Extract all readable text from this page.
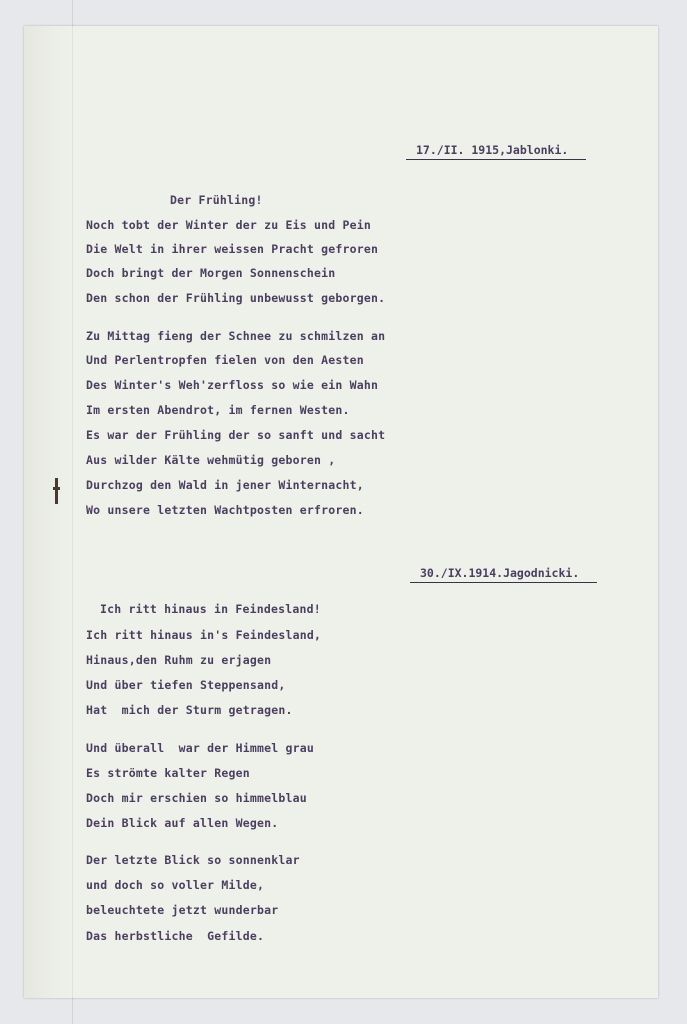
17./II. 1915,Jablonki.
Der Frühling!
Noch tobt der Winter der zu Eis und Pein
Die Welt in ihrer weissen Pracht gefroren
Doch bringt der Morgen Sonnenschein
Den schon der Frühling unbewusst geborgen.
Zu Mittag fieng der Schnee zu schmilzen an
Und Perlentropfen fielen von den Aesten
Des Winter's Weh'zerfloss so wie ein Wahn
Im ersten Abendrot, im fernen Westen.
Es war der Frühling der so sanft und sacht
Aus wilder Kälte wehmütig geboren ,
Durchzog den Wald in jener Winternacht,
Wo unsere letzten Wachtposten erfroren.
30./IX.1914.Jagodnicki.
Ich ritt hinaus in Feindesland!
Ich ritt hinaus in's Feindesland,
Hinaus,den Ruhm zu erjagen
Und über tiefen Steppensand,
Hat  mich der Sturm getragen.
Und überall  war der Himmel grau
Es strömte kalter Regen
Doch mir erschien so himmelblau
Dein Blick auf allen Wegen.
Der letzte Blick so sonnenklar
und doch so voller Milde,
beleuchtete jetzt wunderbar
Das herbstliche  Gefilde.
